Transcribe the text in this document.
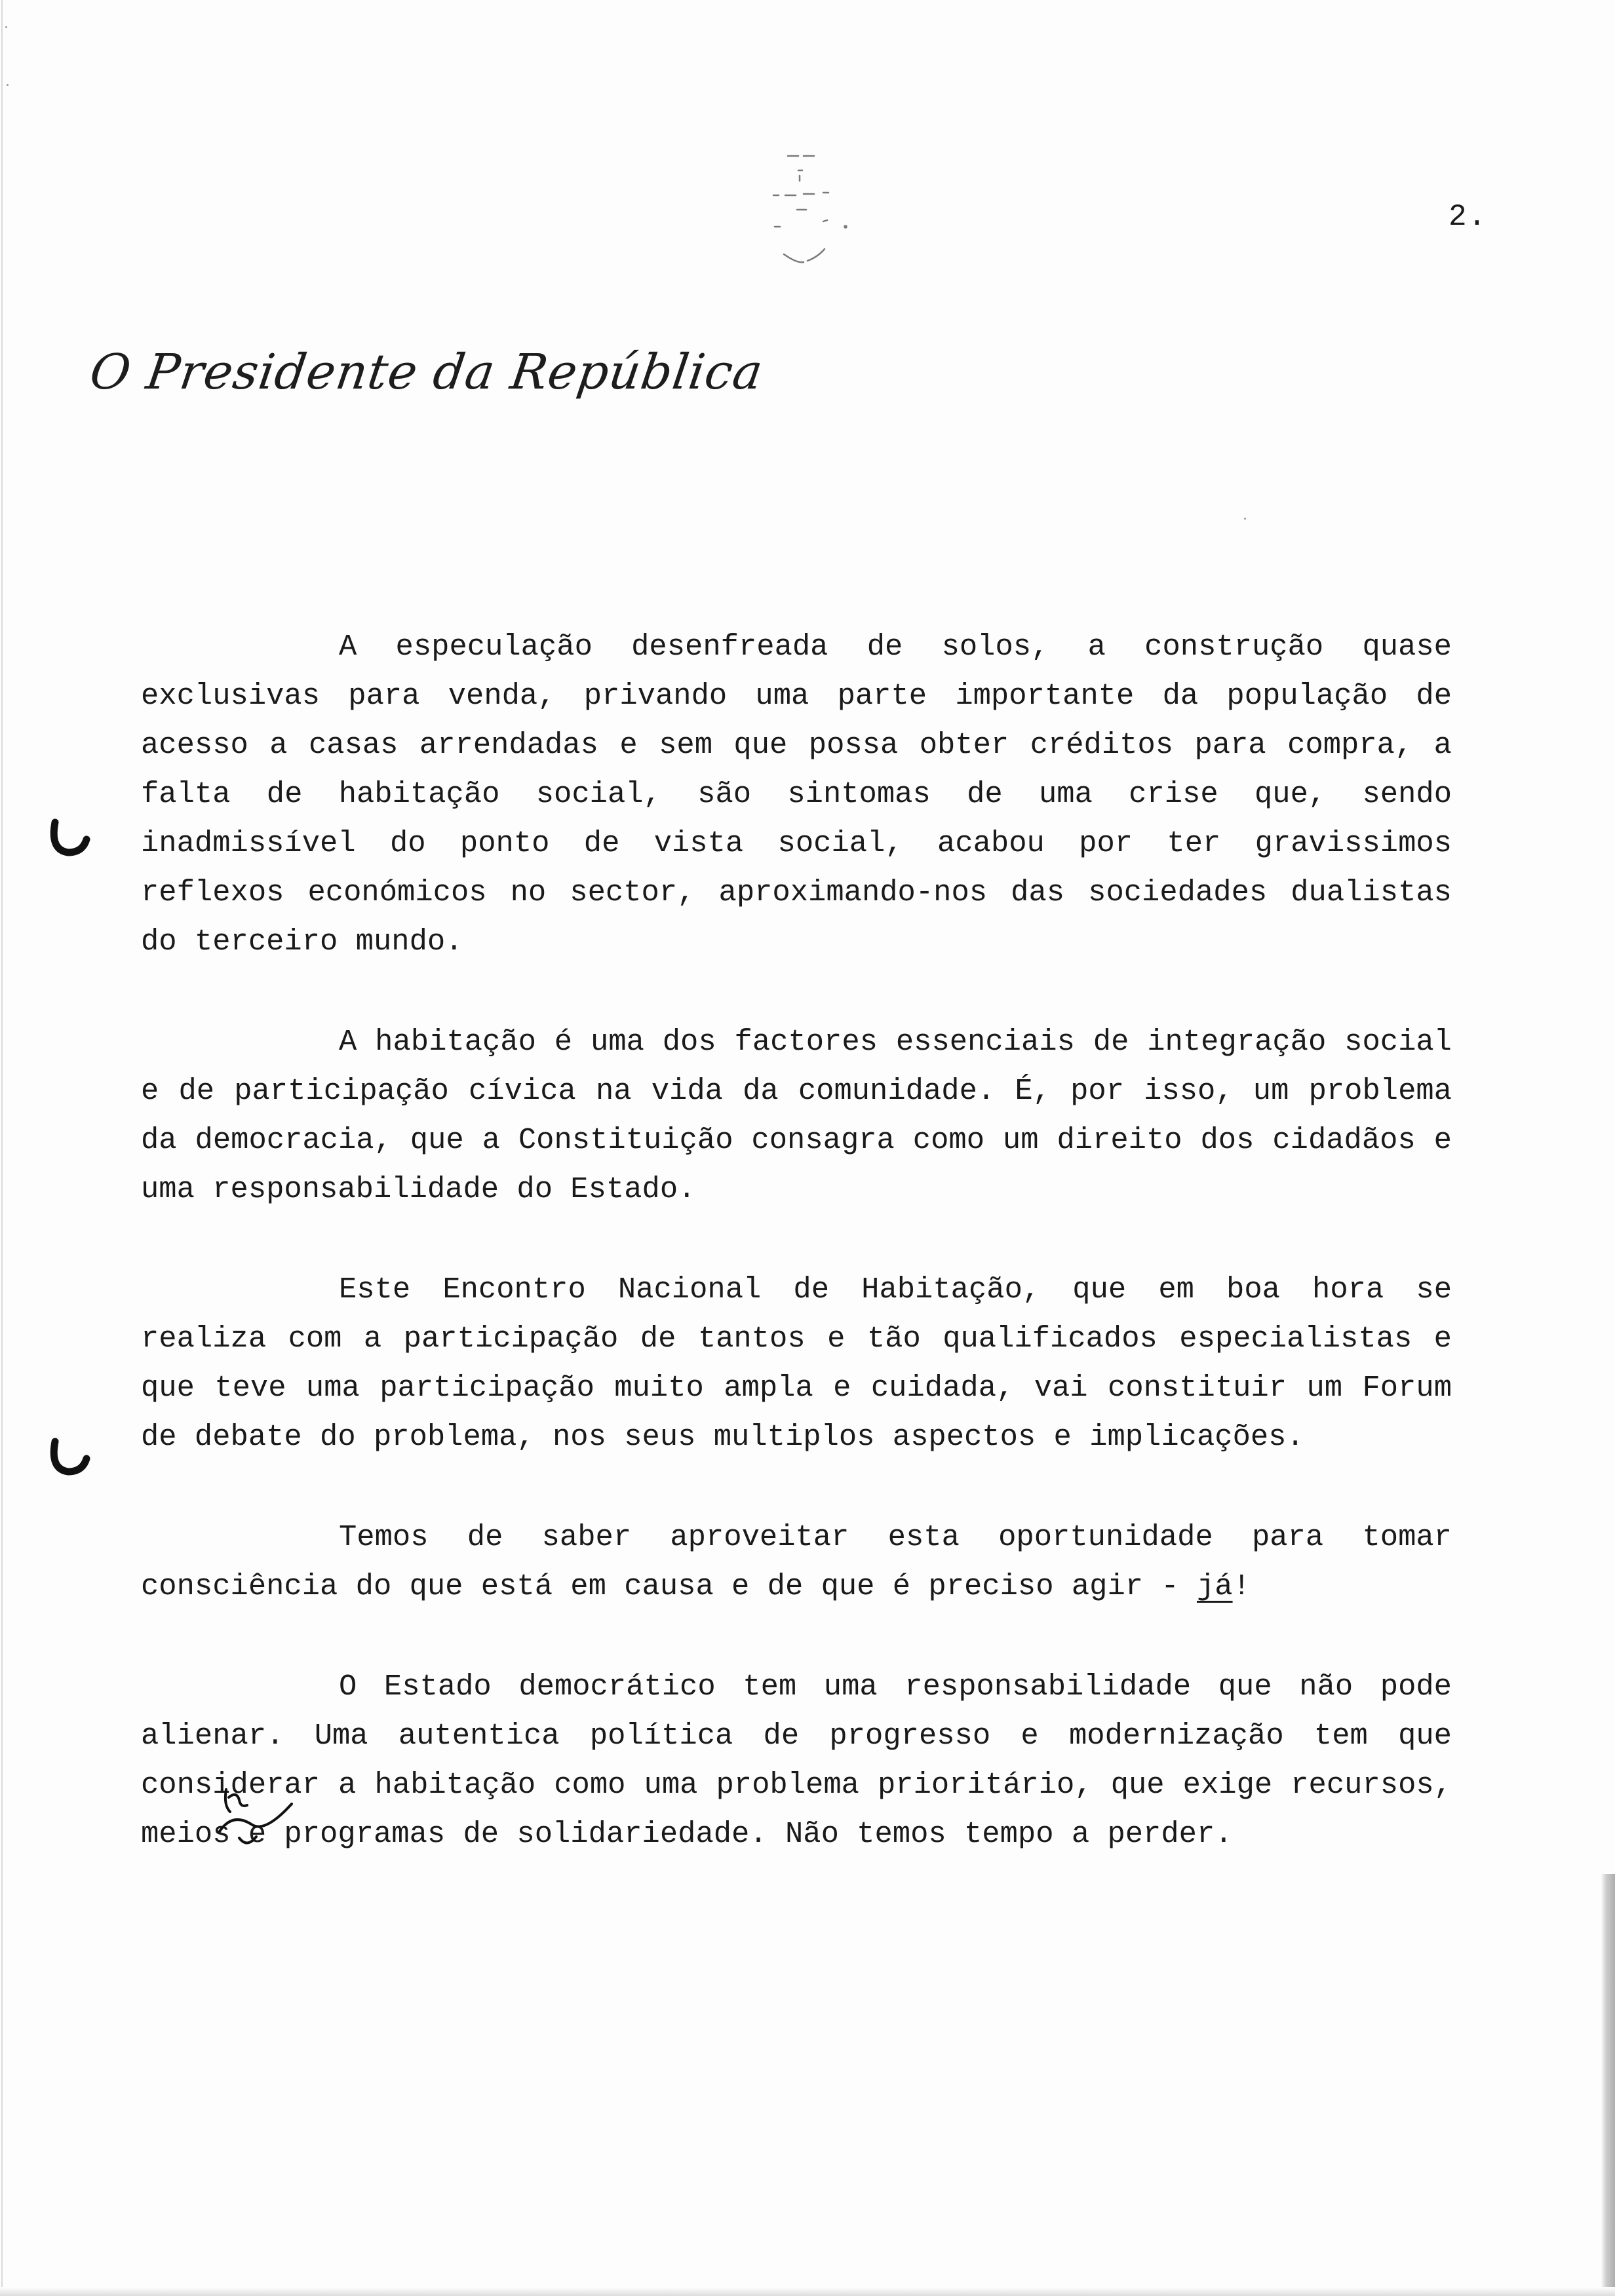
2.
O Presidente da República

A especulação desenfreada de solos, a construção quase exclusivas para venda, privando uma parte importante da população de acesso a casas arrendadas e sem que possa obter créditos para compra, a falta de habitação social, são sintomas de uma crise que, sendo inadmissível do ponto de vista social, acabou por ter gravissimos reflexos económicos no sector, aproximando-nos das sociedades dualistas do terceiro mundo.

A habitação é uma dos factores essenciais de integração social e de participação cívica na vida da comunidade. É, por isso, um problema da democracia, que a Constituição consagra como um direito dos cidadãos e uma responsabilidade do Estado.

Este Encontro Nacional de Habitação, que em boa hora se realiza com a participação de tantos e tão qualificados especialistas e que teve uma participação muito ampla e cuidada, vai constituir um Forum de debate do problema, nos seus multiplos aspectos e implicações.

Temos de saber aproveitar esta oportunidade para tomar consciência do que está em causa e de que é preciso agir - já!

O Estado democrático tem uma responsabilidade que não pode alienar. Uma autentica política de progresso e modernização tem que considerar a habitação como uma problema prioritário, que exige recursos, meios e programas de solidariedade. Não temos tempo a perder.
